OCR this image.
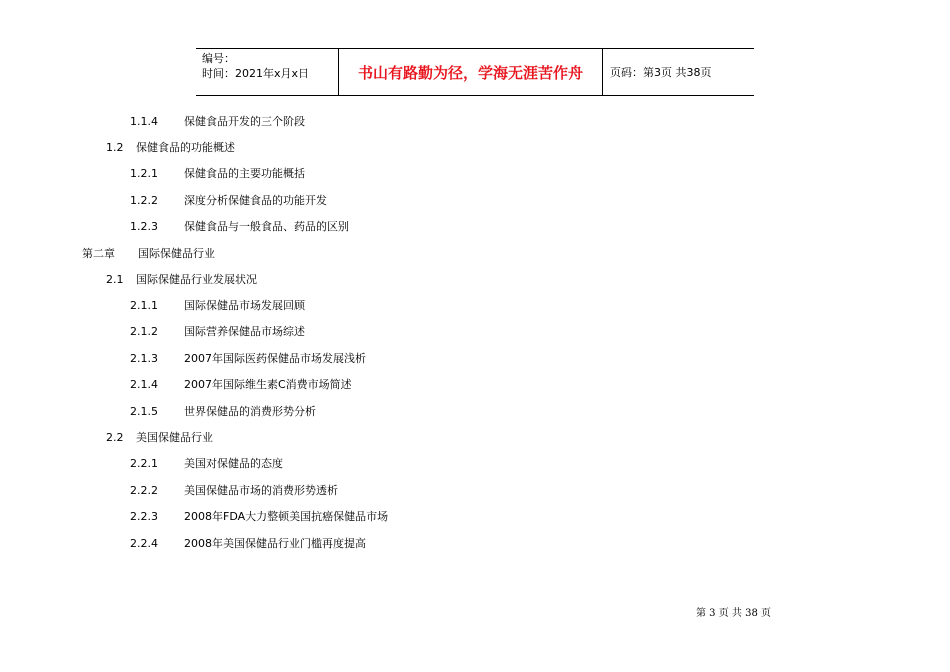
编号：
时间：2021年x月x日	书山有路勤为径，学海无涯苦作舟	页码：第3页 共38页
1.1.4	保健食品开发的三个阶段
1.2	保健食品的功能概述
1.2.1	保健食品的主要功能概括
1.2.2	深度分析保健食品的功能开发
1.2.3	保健食品与一般食品、药品的区别
第二章	国际保健品行业
2.1	国际保健品行业发展状况
2.1.1	国际保健品市场发展回顾
2.1.2	国际营养保健品市场综述
2.1.3	2007年国际医药保健品市场发展浅析
2.1.4	2007年国际维生素C消费市场简述
2.1.5	世界保健品的消费形势分析
2.2	美国保健品行业
2.2.1	美国对保健品的态度
2.2.2	美国保健品市场的消费形势透析
2.2.3	2008年FDA大力整顿美国抗癌保健品市场
2.2.4	2008年美国保健品行业门槛再度提高
第 3 页 共 38 页
